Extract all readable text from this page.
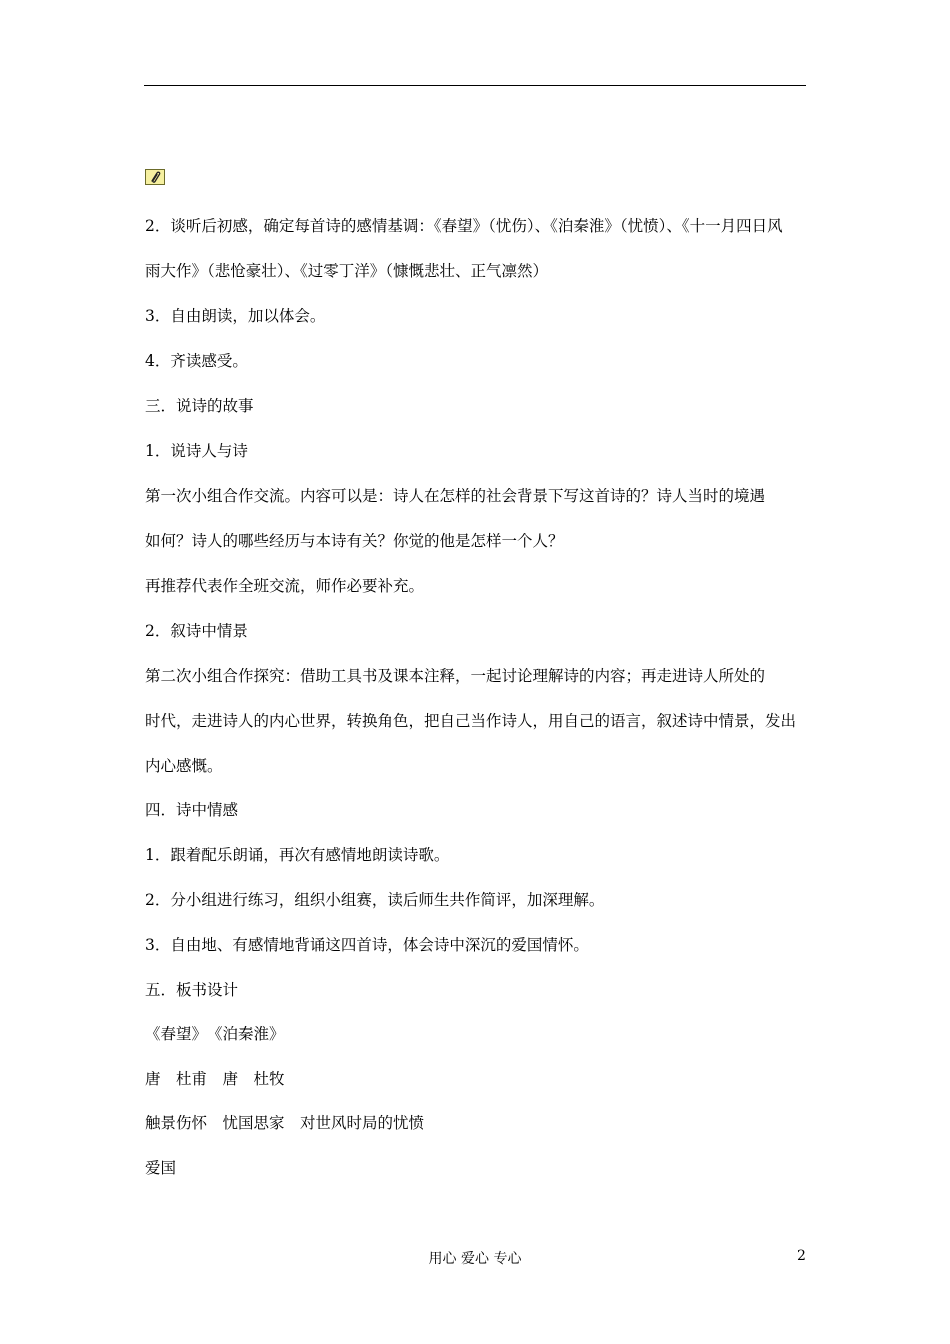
2．谈听后初感，确定每首诗的感情基调：《春望》（忧伤）、《泊秦淮》（忧愤）、《十一月四日风
雨大作》（悲怆豪壮）、《过零丁洋》（慷慨悲壮、正气凛然）
3．自由朗读，加以体会。
4．齐读感受。
三．说诗的故事
1．说诗人与诗
第一次小组合作交流。内容可以是：诗人在怎样的社会背景下写这首诗的？诗人当时的境遇
如何？诗人的哪些经历与本诗有关？你觉的他是怎样一个人？
再推荐代表作全班交流，师作必要补充。
2．叙诗中情景
第二次小组合作探究：借助工具书及课本注释，一起讨论理解诗的内容；再走进诗人所处的
时代，走进诗人的内心世界，转换角色，把自己当作诗人，用自己的语言，叙述诗中情景，发出
内心感慨。
四．诗中情感
1．跟着配乐朗诵，再次有感情地朗读诗歌。
2．分小组进行练习，组织小组赛，读后师生共作简评，加深理解。
3．自由地、有感情地背诵这四首诗，体会诗中深沉的爱国情怀。
五．板书设计
《春望》　《泊秦淮》
唐　杜甫　唐　杜牧
触景伤怀　忧国思家　对世风时局的忧愤
爱国
用心 爱心 专心	2
